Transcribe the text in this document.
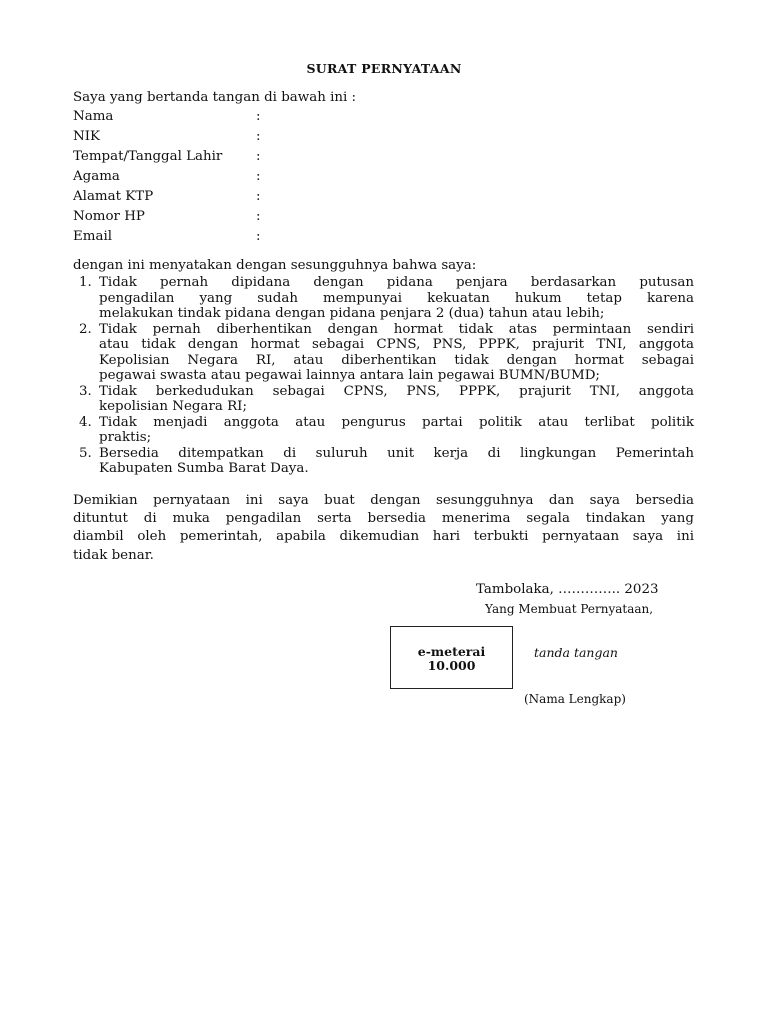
SURAT PERNYATAAN
Saya yang bertanda tangan di bawah ini :
Nama	:
NIK	:
Tempat/Tanggal Lahir	:
Agama	:
Alamat KTP	:
Nomor HP	:
Email	:
dengan ini menyatakan dengan sesungguhnya bahwa saya:
1. Tidak pernah dipidana dengan pidana penjara berdasarkan putusan
pengadilan yang sudah mempunyai kekuatan hukum tetap karena
melakukan tindak pidana dengan pidana penjara 2 (dua) tahun atau lebih;
2. Tidak pernah diberhentikan dengan hormat tidak atas permintaan sendiri
atau tidak dengan hormat sebagai CPNS, PNS, PPPK, prajurit TNI, anggota
Kepolisian Negara RI, atau diberhentikan tidak dengan hormat sebagai
pegawai swasta atau pegawai lainnya antara lain pegawai BUMN/BUMD;
3. Tidak berkedudukan sebagai CPNS, PNS, PPPK, prajurit TNI, anggota
kepolisian Negara RI;
4. Tidak menjadi anggota atau pengurus partai politik atau terlibat politik
praktis;
5. Bersedia ditempatkan di suluruh unit kerja di lingkungan Pemerintah
Kabupaten Sumba Barat Daya.
Demikian pernyataan ini saya buat dengan sesungguhnya dan saya bersedia
dituntut di muka pengadilan serta bersedia menerima segala tindakan yang
diambil oleh pemerintah, apabila dikemudian hari terbukti pernyataan saya ini
tidak benar.
Tambolaka, ………….. 2023
Yang Membuat Pernyataan,
e-meterai
10.000
tanda tangan
(Nama Lengkap)
